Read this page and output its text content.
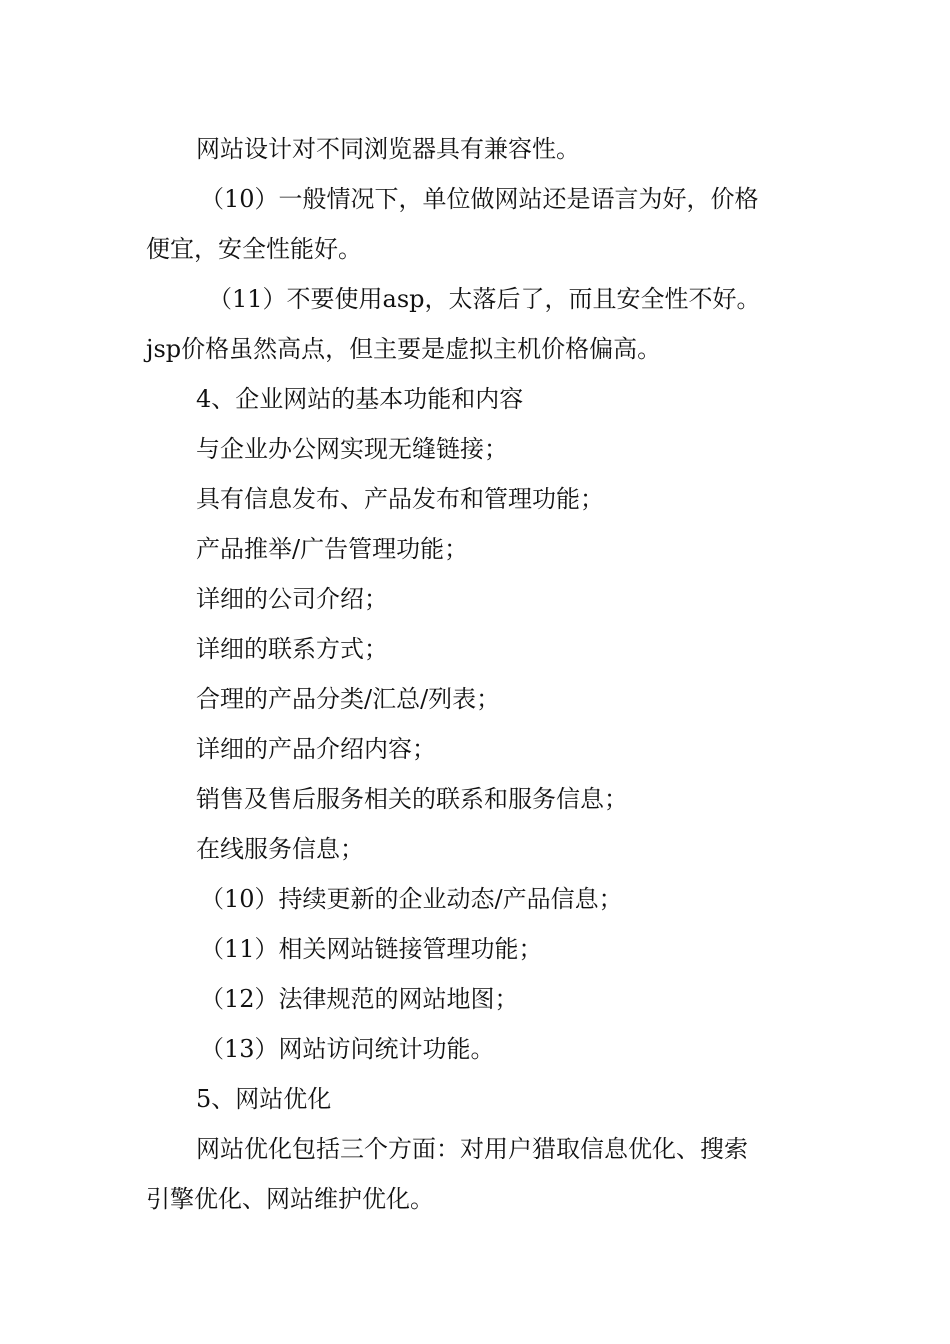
网站设计对不同浏览器具有兼容性。
（10）一般情况下，单位做网站还是语言为好，价格
便宜，安全性能好。
（11）不要使用asp，太落后了，而且安全性不好。
jsp价格虽然高点，但主要是虚拟主机价格偏高。
4、企业网站的基本功能和内容
与企业办公网实现无缝链接；
具有信息发布、产品发布和管理功能；
产品推举/广告管理功能；
详细的公司介绍；
详细的联系方式；
合理的产品分类/汇总/列表；
详细的产品介绍内容；
销售及售后服务相关的联系和服务信息；
在线服务信息；
（10）持续更新的企业动态/产品信息；
（11）相关网站链接管理功能；
（12）法律规范的网站地图；
（13）网站访问统计功能。
5、网站优化
网站优化包括三个方面：对用户猎取信息优化、搜索
引擎优化、网站维护优化。
